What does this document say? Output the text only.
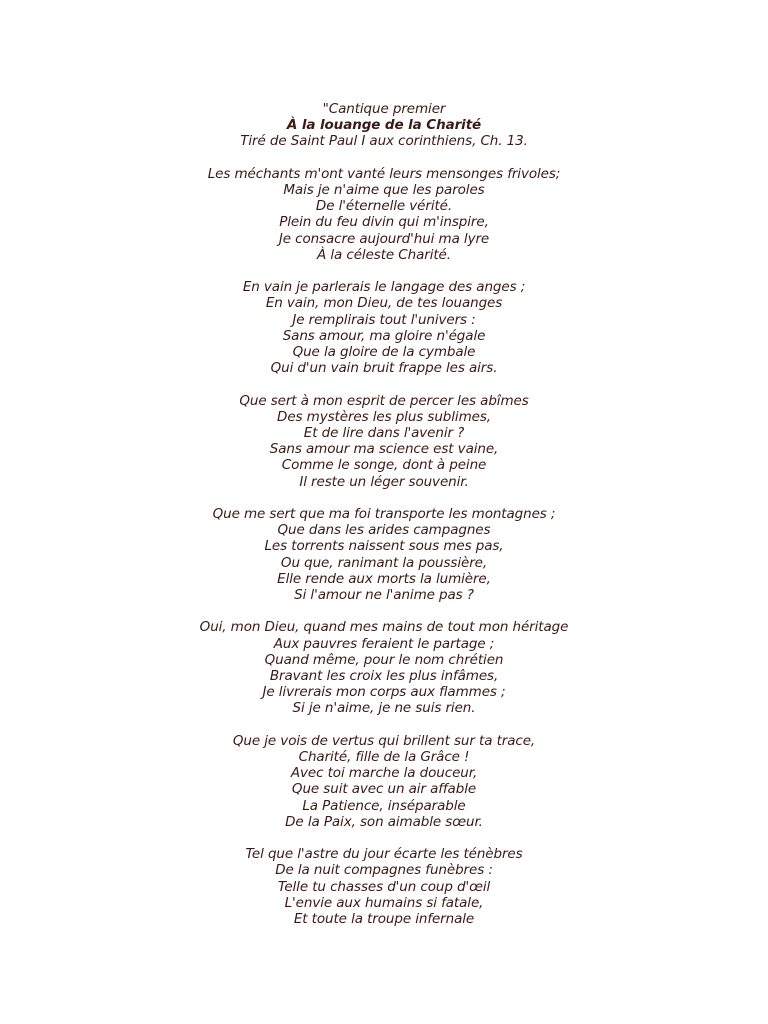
"Cantique premier
À la louange de la Charité
Tiré de Saint Paul I aux corinthiens, Ch. 13.
Les méchants m'ont vanté leurs mensonges frivoles;
Mais je n'aime que les paroles
De l'éternelle vérité.
Plein du feu divin qui m'inspire,
Je consacre aujourd'hui ma lyre
À la céleste Charité.
En vain je parlerais le langage des anges ;
En vain, mon Dieu, de tes louanges
Je remplirais tout l'univers :
Sans amour, ma gloire n'égale
Que la gloire de la cymbale
Qui d'un vain bruit frappe les airs.
Que sert à mon esprit de percer les abîmes
Des mystères les plus sublimes,
Et de lire dans l'avenir ?
Sans amour ma science est vaine,
Comme le songe, dont à peine
Il reste un léger souvenir.
Que me sert que ma foi transporte les montagnes ;
Que dans les arides campagnes
Les torrents naissent sous mes pas,
Ou que, ranimant la poussière,
Elle rende aux morts la lumière,
Si l'amour ne l'anime pas ?
Oui, mon Dieu, quand mes mains de tout mon héritage
Aux pauvres feraient le partage ;
Quand même, pour le nom chrétien
Bravant les croix les plus infâmes,
Je livrerais mon corps aux flammes ;
Si je n'aime, je ne suis rien.
Que je vois de vertus qui brillent sur ta trace,
Charité, fille de la Grâce !
Avec toi marche la douceur,
Que suit avec un air affable
La Patience, inséparable
De la Paix, son aimable sœur.
Tel que l'astre du jour écarte les ténèbres
De la nuit compagnes funèbres :
Telle tu chasses d'un coup d'œil
L'envie aux humains si fatale,
Et toute la troupe infernale
